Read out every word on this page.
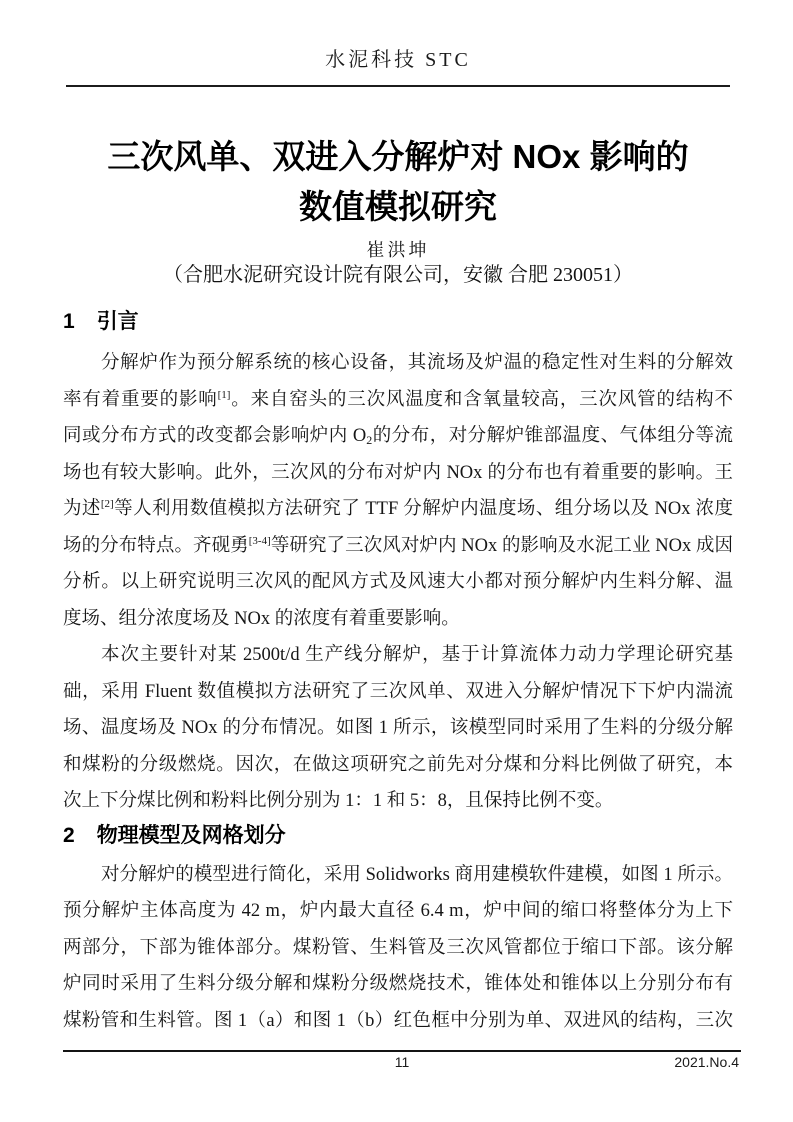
水泥科技 STC
三次风单、双进入分解炉对 NOx 影响的
数值模拟研究
崔洪坤
（合肥水泥研究设计院有限公司，安徽 合肥 230051）
1 引言
分解炉作为预分解系统的核心设备，其流场及炉温的稳定性对生料的分解效
率有着重要的影响[1]。来自窑头的三次风温度和含氧量较高，三次风管的结构不
同或分布方式的改变都会影响炉内 $O_2$的分布，对分解炉锥部温度、气体组分等流
场也有较大影响。此外，三次风的分布对炉内 NOx 的分布也有着重要的影响。王
为述[2]等人利用数值模拟方法研究了 TTF 分解炉内温度场、组分场以及 NOx 浓度
场的分布特点。齐砚勇[3-4]等研究了三次风对炉内 NOx 的影响及水泥工业 NOx 成因
分析。以上研究说明三次风的配风方式及风速大小都对预分解炉内生料分解、温
度场、组分浓度场及 NOx 的浓度有着重要影响。
本次主要针对某 2500t/d 生产线分解炉，基于计算流体力动力学理论研究基
础，采用 Fluent 数值模拟方法研究了三次风单、双进入分解炉情况下下炉内湍流
场、温度场及 NOx 的分布情况。如图 1 所示，该模型同时采用了生料的分级分解
和煤粉的分级燃烧。因次，在做这项研究之前先对分煤和分料比例做了研究，本
次上下分煤比例和粉料比例分别为 1：1 和 5：8，且保持比例不变。
2 物理模型及网格划分
对分解炉的模型进行简化，采用 Solidworks 商用建模软件建模，如图 1 所示。
预分解炉主体高度为 42 m，炉内最大直径 6.4 m，炉中间的缩口将整体分为上下
两部分，下部为锥体部分。煤粉管、生料管及三次风管都位于缩口下部。该分解
炉同时采用了生料分级分解和煤粉分级燃烧技术，锥体处和锥体以上分别分布有
煤粉管和生料管。图 1（a）和图 1（b）红色框中分别为单、双进风的结构，三次
11	2021.No.4
